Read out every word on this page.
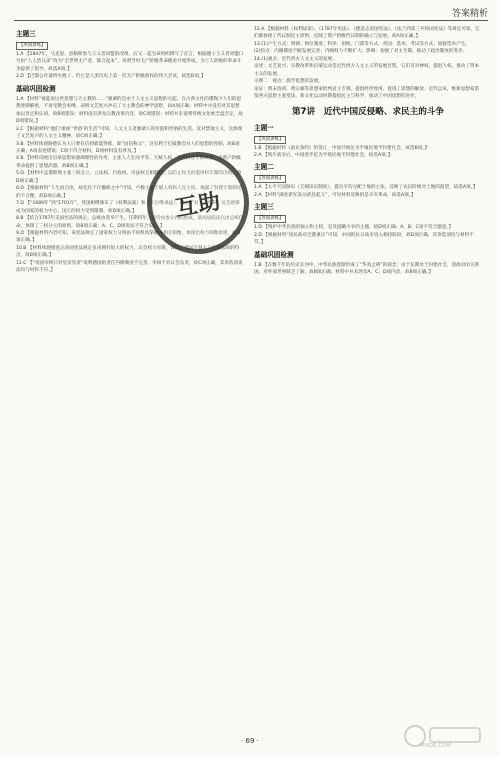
答案精析
主题三
【巩固训练】

1.A 【1847年，马克思、恩格斯参与王义者同盟的改组，后又一起为该组织撰写了宣言，根据题干王义者同盟口号由“人人皆兄弟”改为“全世界无产者，联合起来”，说明当时无产阶级革命理论开始形成，为工人阶级的革命斗争提供了指导，故选A项。】

2.D 【巴黎公社最终失败了，但它是人类历史上第一次无产阶级政权的伟大尝试，故选D项。】

基础巩固检测

1.A 【材料“谁能说这些思想与天主教的……”强调的是由于人文主义思想的兴起，在古典文化的熏陶下人们的思想逐渐解放，不再受教会束缚，表明文艺复兴冲击了天主教会的神学思想，故A项正确；材料中并没有对其思想加以肯定和认同，故B项错误；材料没有涉及宗教改革内容，故C项错误；材料并未说明传统文化被全盘否定，故D项错误。】

2.C 【根据材料“他们‘重视’‘世俗’的生活”可知，人文主义者强调人的价值和世俗的生活，反对禁欲主义，这体现了文艺复兴的人文主义精神，故C项正确。】

3.B 【材料体现路德认为人只要有信仰就能得救，即“因信称义”，这有利于打破教会对人们思想的控制，故B项正确；A项表述错误；C项不符合材料，D项材料没有涉及。】

4.B 【材料反映出启蒙思想家强调理性的作用，主张人人生而平等、天赋人权，反对封建专制统治，为资产阶级革命提供了思想武器，故B项正确。】

5.D 【材料中孟德斯鸠主张三权分立，立法权、行政权、司法权互相制约，以防止权力的滥用和专制的出现，故D项正确。】

6.D 【根据材料“人生而自由，却无往不在枷锁之中”可知，卢梭主张天赋人权和人民主权，揭露了封建专制制度的不合理，故D项正确。】

7.D 【“1689年”到“1701年”，英国相继颁布了《权利法案》和《王位继承法》，确立了君主立宪制，议会逐渐成为国家的权力中心，国王的权力受到限制，故D项正确。】

8.B 【结合1787年美国宪法的规定，总统由选举产生，任期四年，国会由参众两院组成，最高法院法官由总统任命，体现了三权分立的原则，故B项正确；A、C、D项说法不符合史实。】

9.D 【根据材料内容可知，该宪法规定了国家权力分别由不同机构掌握并相互制衡，体现出权力制衡原则，故D项正确。】

10.B 【材料体现德意志帝国宪法规定皇帝拥有很大的权力，议会权力有限，体现了德国专制主义色彩浓厚的特点，故B项正确。】

11.C 【“帝国宰相只对皇帝负责”说明德国的责任内阁制度不完善，宰相不对议会负责，故C项正确，其余选项说法均与材料不符。】

12.A 【根据材料《权利法案》、《1787年宪法》、《德意志帝国宪法》、《法兰西第三共和国宪法》等规定可知，它们都体现了代议制民主原则，反映了资产阶级代议制的确立与发展，故A项正确。】

13.(1)产生方式：明朝；相位制度；科举、捐纳、门荫等方式。英国：选举、考试等方式；间接选举产生。

(2)特点：内阁制度不断发展完善；内阁权力不断扩大；影响：加强了君主专制，推动了政治制度的进步。

14.(1)观点：近代西方人文主义的发展。

论述：文艺复兴、宗教改革和启蒙运动是近代西方人文主义的发展过程，它们反对神权，提倡人权，推动了资本主义的发展。

示例二　观点：儒学思想的发展。

论证：明末清初，黄宗羲等思想家批判君主专制，提倡经世致用，促进了思想的解放；近代以来，维新思想家借鉴西方思想主张变法，新文化运动时期提倡民主与科学，推动了中国思想的进步。

第7讲　近代中国反侵略、求民主的斗争
主题一
【巩固训练】

1.B 【根据材料《南京条约》的签订，中国开始沦为半殖民地半封建社会，故选B项。】

2.A 【鸦片战争后，中国逐步沦为半殖民地半封建社会，故选A项。】

主题二
【巩固训练】

1.A 【太平天国颁布《天朝田亩制度》，提出平均分配土地的主张，反映了农民阶级对土地的渴望，故选A项。】

2.A 【材料“湖北新军发动武昌起义”，可见材料反映的是辛亥革命，故选A项。】

主题三
【巩固训练】

1.D 【维护中华民族的独立和主权，是反侵略斗争的主题，故D项正确；A、B、C项不符合题意。】

2.D 【根据材料“国民政府迁都重庆”可知，中国的抗日战争进入相持阶段，故D项正确，其余选项均与材料不符。】

基础巩固检测

1.B 【在数千年的历史长河中，中华民族逐渐形成了“华夷之辨”的观念，由于长期处于封建社会，清政府闭关锁国，对外部世界缺乏了解，故B项正确；材料中并未涉及A、C、D项内容，故B项正确。】

互助
· 69 ·
MXQE.COM
